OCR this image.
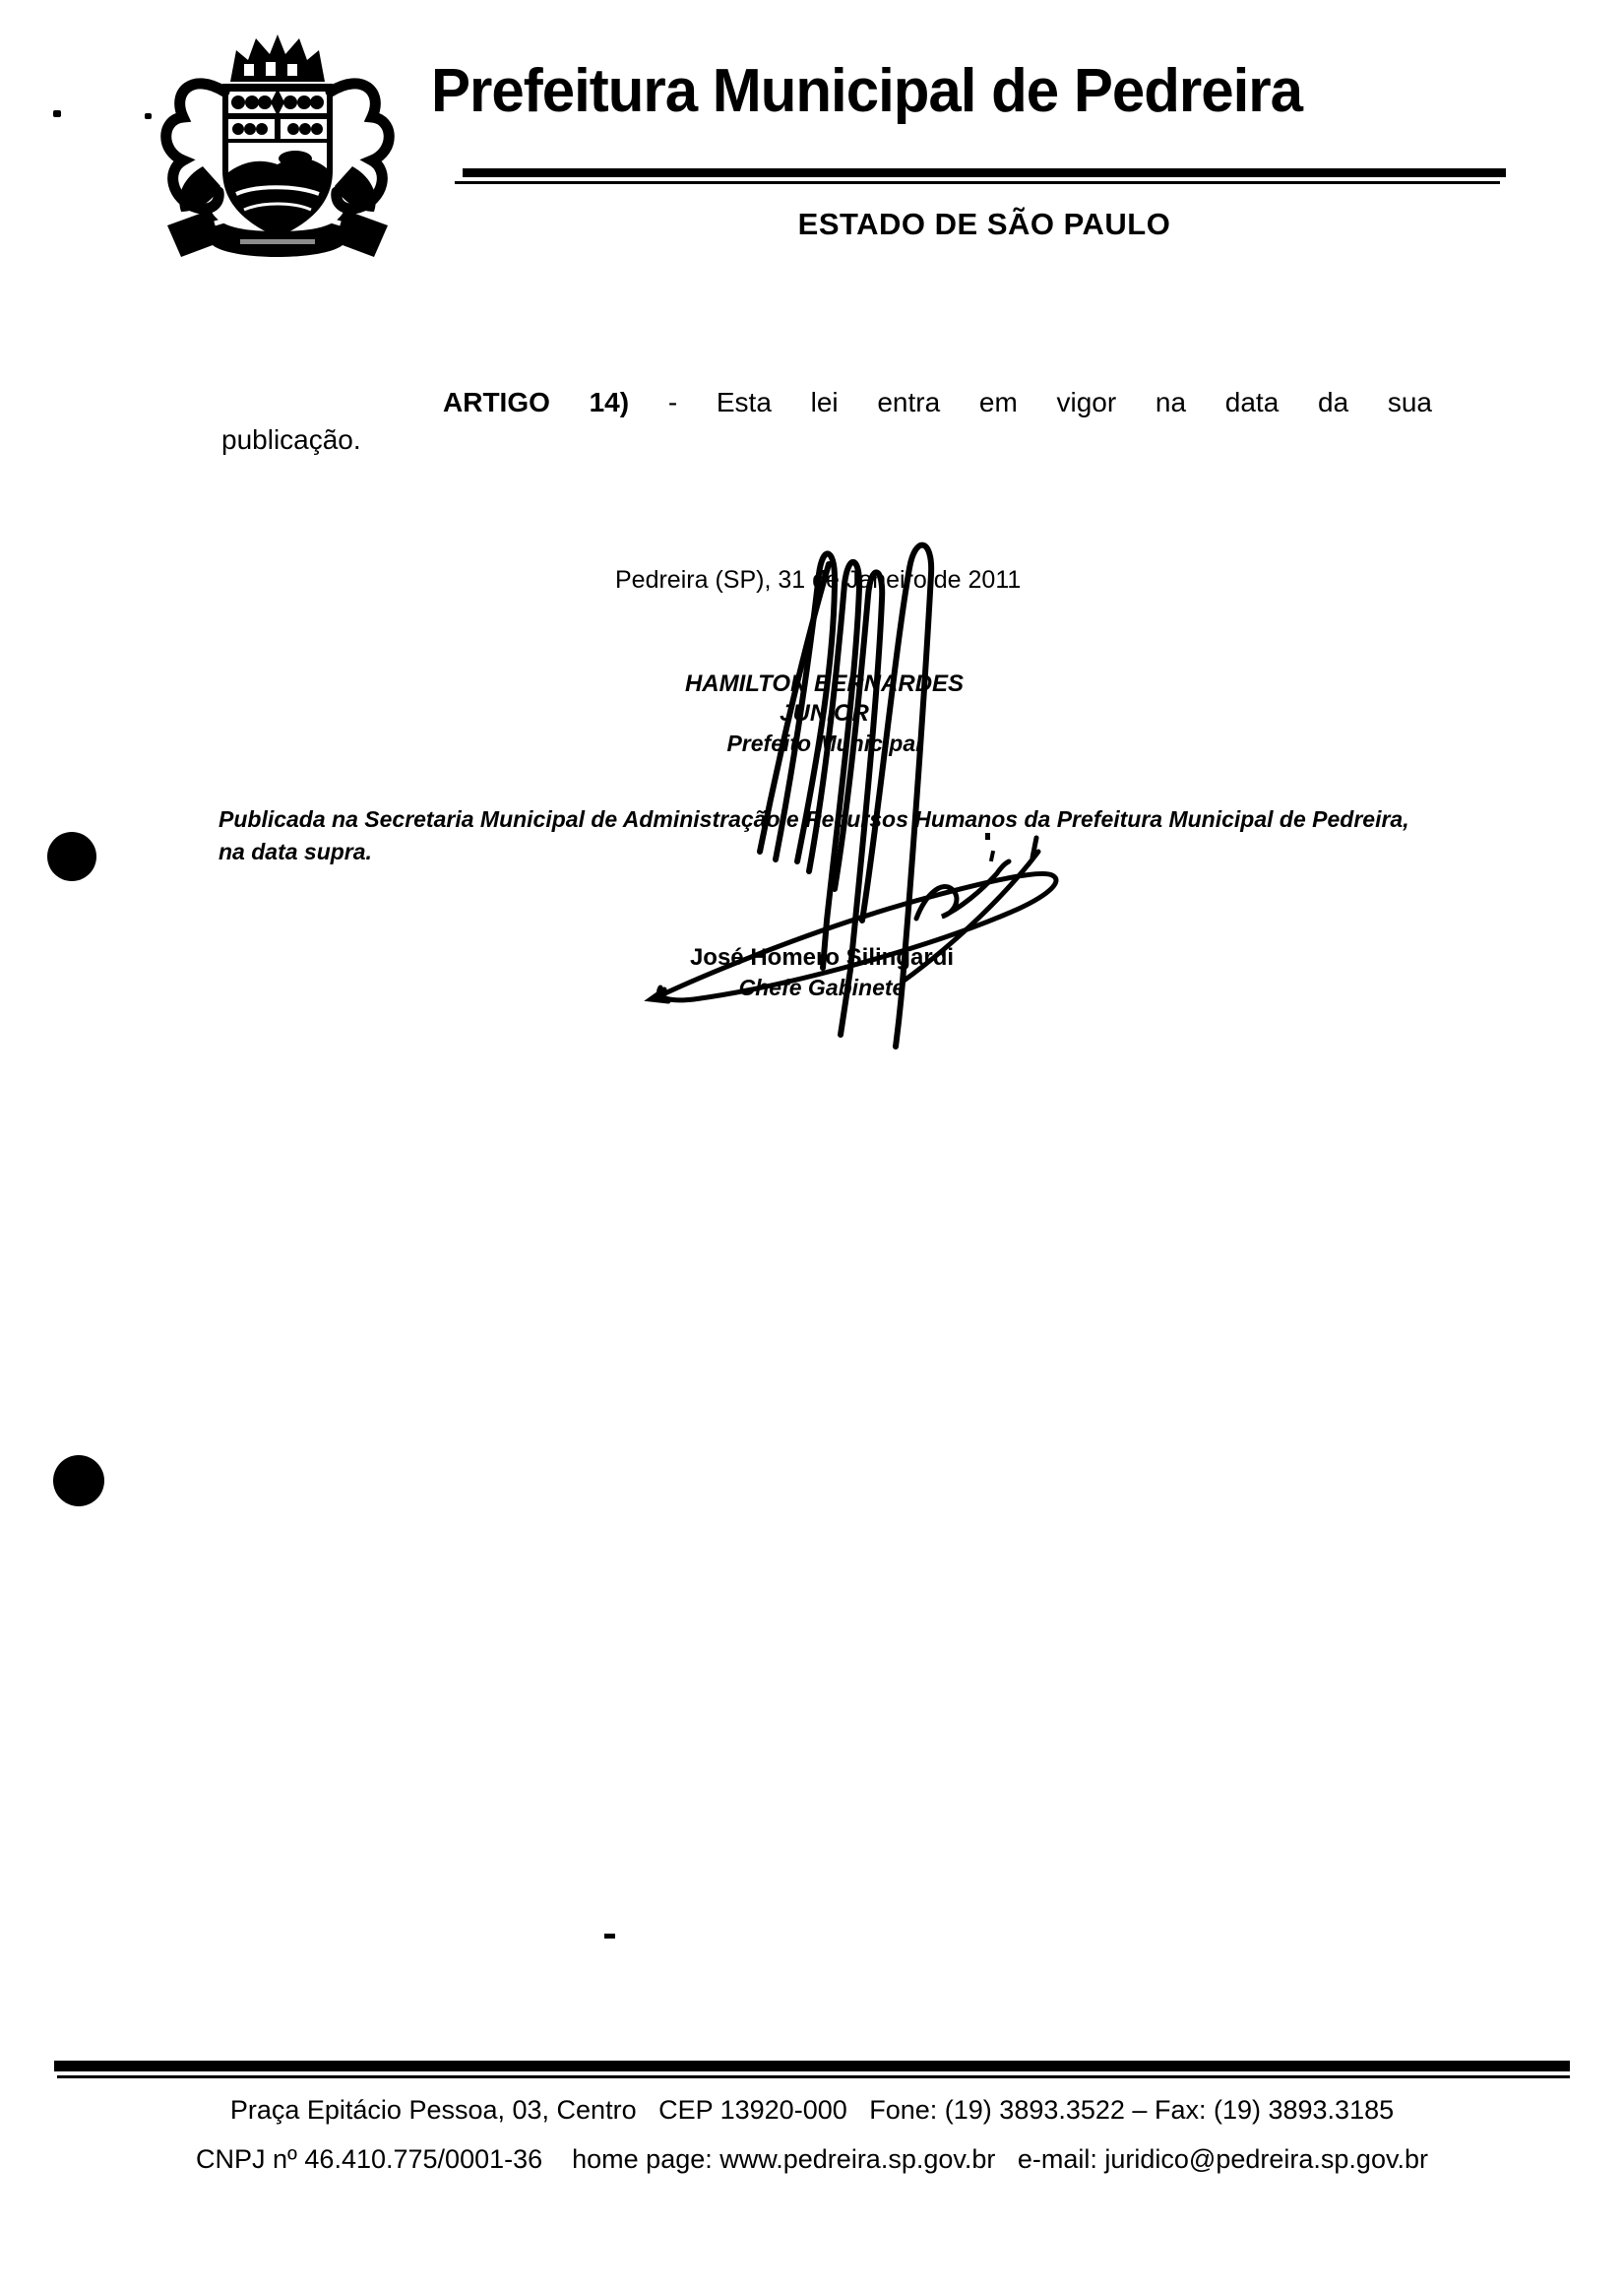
Prefeitura Municipal de Pedreira
ESTADO DE SÃO PAULO
ARTIGO 14) - Esta lei entra em vigor na data da sua
publicação.
Pedreira (SP), 31 de Janeiro de 2011
HAMILTON BERNARDES JUNIOR
Prefeito Municipal
Publicada na Secretaria Municipal de Administração e Recursos Humanos da Prefeitura Municipal de Pedreira,
na data supra.
José Homero Silingardi
Chefe Gabinete
Praça Epitácio Pessoa, 03, Centro   CEP 13920-000   Fone: (19) 3893.3522 – Fax: (19) 3893.3185
CNPJ nº 46.410.775/0001-36    home page: www.pedreira.sp.gov.br   e-mail: juridico@pedreira.sp.gov.br
